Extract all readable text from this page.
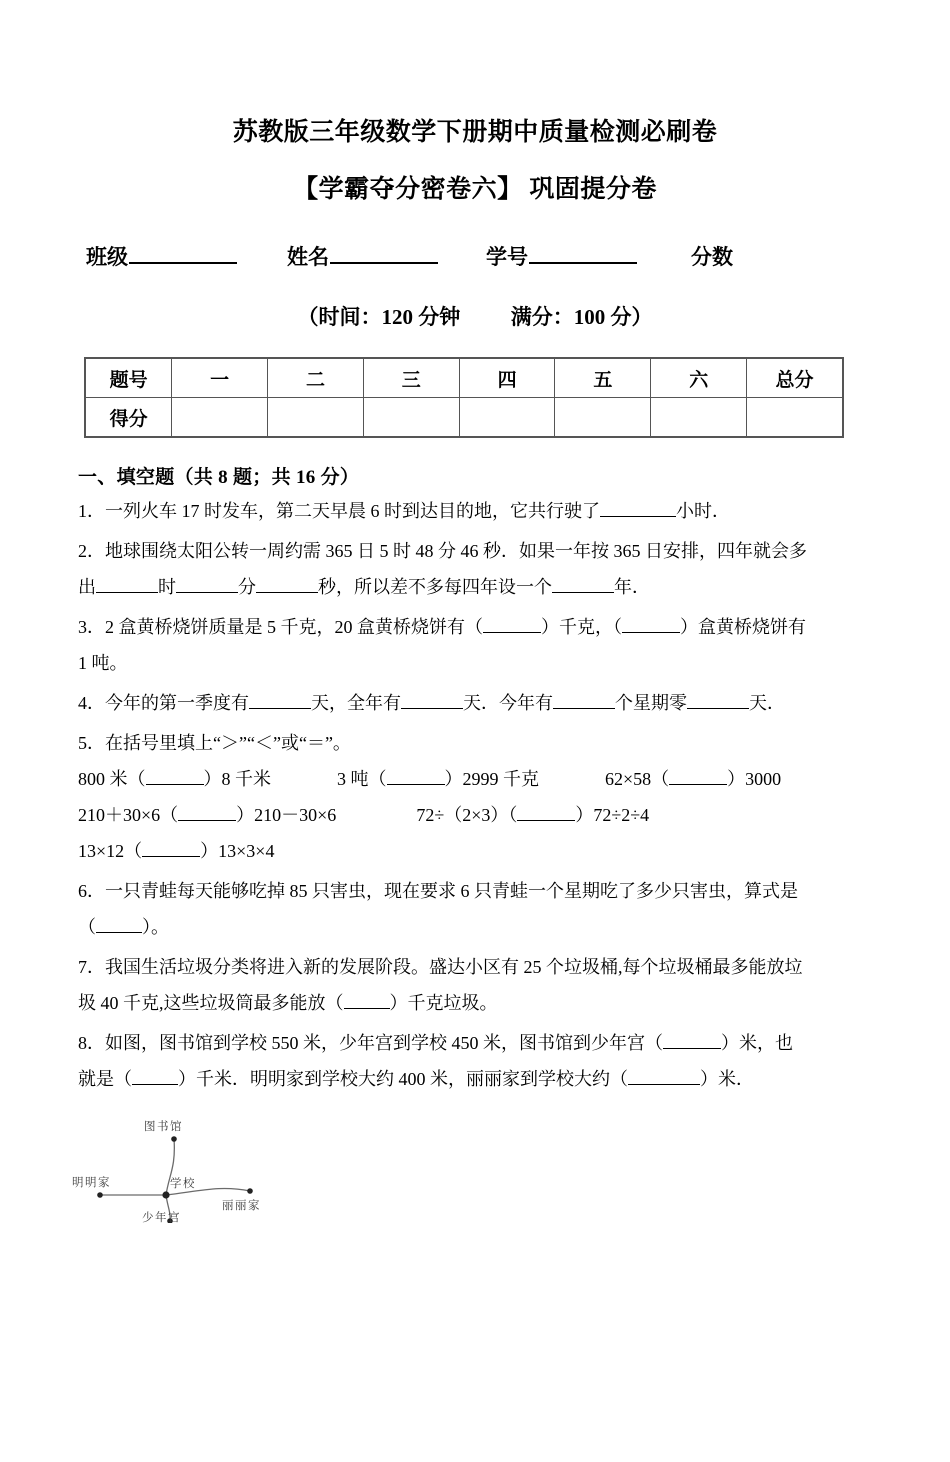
苏教版三年级数学下册期中质量检测必刷卷
【学霸夺分密卷六】 巩固提分卷
班级	姓名	学号	分数
（时间：120 分钟 满分：100 分）
题号	一	二	三	四	五	六	总分
得分							
一、填空题（共 8 题；共 16 分）
1．一列火车 17 时发车，第二天早晨 6 时到达目的地，它共行驶了	小时．
2．地球围绕太阳公转一周约需 365 日 5 时 48 分 46 秒．如果一年按 365 日安排，四年就会多
出	时	分	秒，所以差不多每四年设一个	年．
3．2 盒黄桥烧饼质量是 5 千克，20 盒黄桥烧饼有（	）千克，（	）盒黄桥烧饼有
1 吨。
4．今年的第一季度有	天，全年有	天．今年有	个星期零	天．
5．在括号里填上“＞”“＜”或“＝”。
800 米（	）8 千米	3 吨（	）2999 千克	62×58（	）3000
210＋30×6（	）210－30×6	72÷（2×3）（	）72÷2÷4
13×12（	）13×3×4
6．一只青蛙每天能够吃掉 85 只害虫，现在要求 6 只青蛙一个星期吃了多少只害虫，算式是
（	）。
7．我国生活垃圾分类将进入新的发展阶段。盛达小区有 25 个垃圾桶,每个垃圾桶最多能放垃
圾 40 千克,这些垃圾筒最多能放（	）千克垃圾。
8．如图，图书馆到学校 550 米，少年宫到学校 450 米，图书馆到少年宫（	）米，也
就是（	）千米．明明家到学校大约 400 米，丽丽家到学校大约（	）米．
图书馆
明明家	学校
丽丽家
少年宫
